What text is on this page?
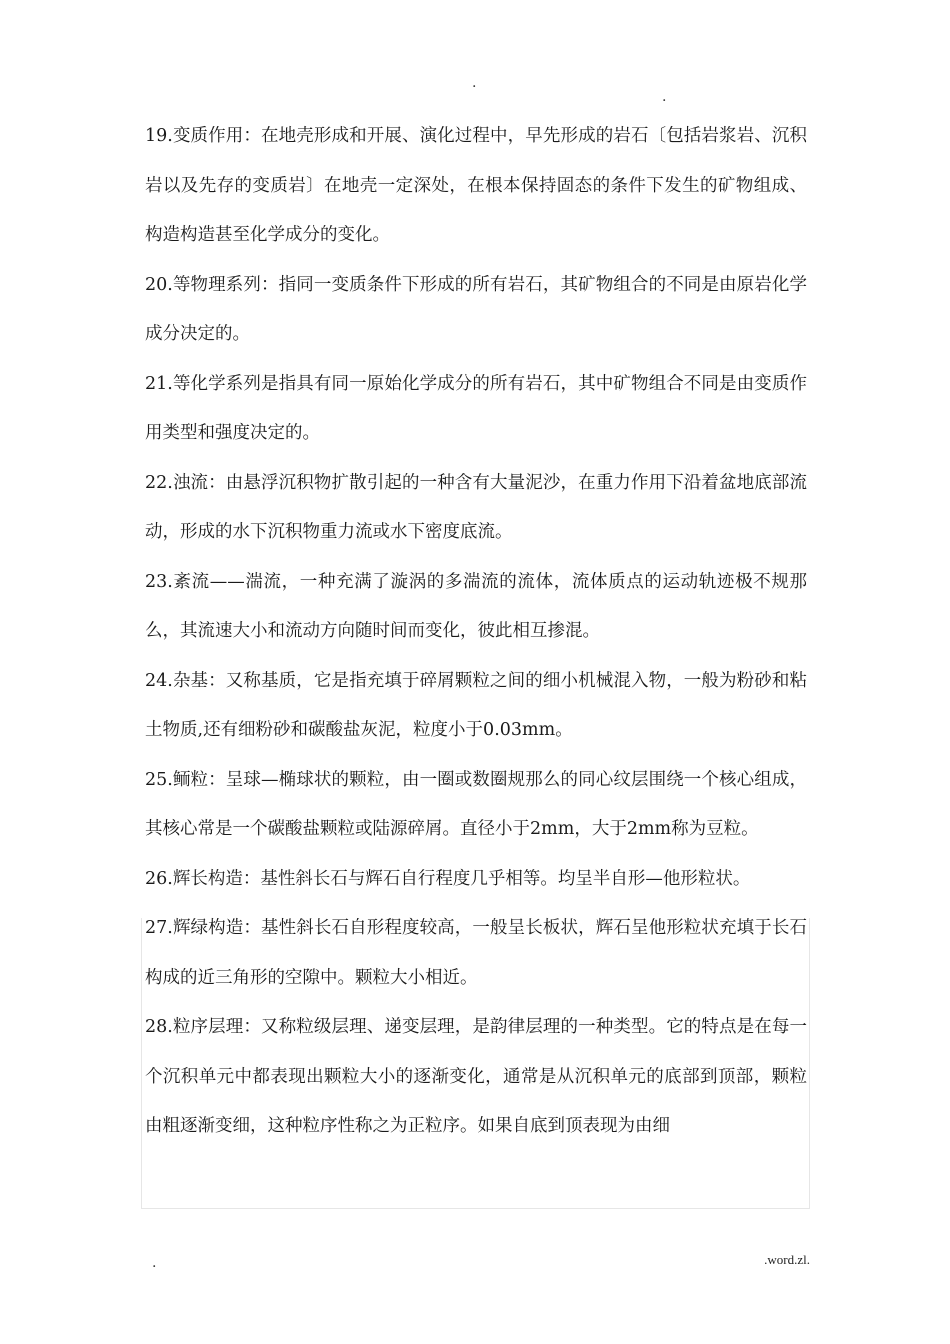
.
.

19.变质作用：在地壳形成和开展、演化过程中，早先形成的岩石〔包括岩浆岩、沉积岩以及先存的变质岩〕在地壳一定深处，在根本保持固态的条件下发生的矿物组成、构造构造甚至化学成分的变化。

20.等物理系列：指同一变质条件下形成的所有岩石，其矿物组合的不同是由原岩化学成分决定的。

21.等化学系列是指具有同一原始化学成分的所有岩石，其中矿物组合不同是由变质作用类型和强度决定的。

22.浊流：由悬浮沉积物扩散引起的一种含有大量泥沙，在重力作用下沿着盆地底部流动，形成的水下沉积物重力流或水下密度底流。

23.紊流——湍流，一种充满了漩涡的多湍流的流体，流体质点的运动轨迹极不规那么，其流速大小和流动方向随时间而变化，彼此相互掺混。

24.杂基：又称基质，它是指充填于碎屑颗粒之间的细小机械混入物，一般为粉砂和粘土物质,还有细粉砂和碳酸盐灰泥，粒度小于0.03mm。

25.鲕粒：呈球—椭球状的颗粒，由一圈或数圈规那么的同心纹层围绕一个核心组成，其核心常是一个碳酸盐颗粒或陆源碎屑。直径小于2mm，大于2mm称为豆粒。

26.辉长构造：基性斜长石与辉石自行程度几乎相等。均呈半自形—他形粒状。

27.辉绿构造：基性斜长石自形程度较高，一般呈长板状，辉石呈他形粒状充填于长石构成的近三角形的空隙中。颗粒大小相近。

28.粒序层理：又称粒级层理、递变层理，是韵律层理的一种类型。它的特点是在每一个沉积单元中都表现出颗粒大小的逐渐变化，通常是从沉积单元的底部到顶部，颗粒由粗逐渐变细，这种粒序性称之为正粒序。如果自底到顶表现为由细

.	.word.zl.
